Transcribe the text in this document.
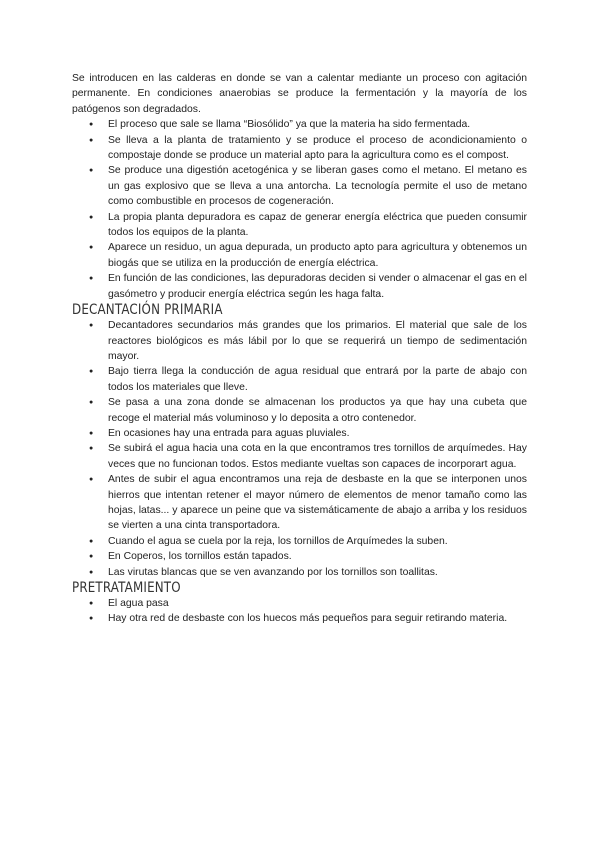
Se introducen en las calderas en donde se van a calentar mediante un proceso con agitación permanente. En condiciones anaerobias se produce la fermentación y la mayoría de los patógenos son degradados.

● El proceso que sale se llama “Biosólido” ya que la materia ha sido fermentada.
● Se lleva a la planta de tratamiento y se produce el proceso de acondicionamiento o compostaje donde se produce un material apto para la agricultura como es el compost.
● Se produce una digestión acetogénica y se liberan gases como el metano. El metano es un gas explosivo que se lleva a una antorcha. La tecnología permite el uso de metano como combustible en procesos de cogeneración.
● La propia planta depuradora es capaz de generar energía eléctrica que pueden consumir todos los equipos de la planta.
● Aparece un residuo, un agua depurada, un producto apto para agricultura y obtenemos un biogás que se utiliza en la producción de energía eléctrica.
● En función de las condiciones, las depuradoras deciden si vender o almacenar el gas en el gasómetro y producir energía eléctrica según les haga falta.
DECANTACIÓN PRIMARIA
● Decantadores secundarios más grandes que los primarios. El material que sale de los reactores biológicos es más lábil por lo que se requerirá un tiempo de sedimentación mayor.
● Bajo tierra llega la conducción de agua residual que entrará por la parte de abajo con todos los materiales que lleve.
● Se pasa a una zona donde se almacenan los productos ya que hay una cubeta que recoge el material más voluminoso y lo deposita a otro contenedor.
● En ocasiones hay una entrada para aguas pluviales.
● Se subirá el agua hacia una cota en la que encontramos tres tornillos de arquímedes. Hay veces que no funcionan todos. Estos mediante vueltas son capaces de incorporart agua.
● Antes de subir el agua encontramos una reja de desbaste en la que se interponen unos hierros que intentan retener el mayor número de elementos de menor tamaño como las hojas, latas... y aparece un peine que va sistemáticamente de abajo a arriba y los residuos se vierten a una cinta transportadora.
● Cuando el agua se cuela por la reja, los tornillos de Arquímedes la suben.
● En Coperos, los tornillos están tapados.
● Las virutas blancas que se ven avanzando por los tornillos son toallitas.
PRETRATAMIENTO
● El agua pasa
● Hay otra red de desbaste con los huecos más pequeños para seguir retirando materia.
